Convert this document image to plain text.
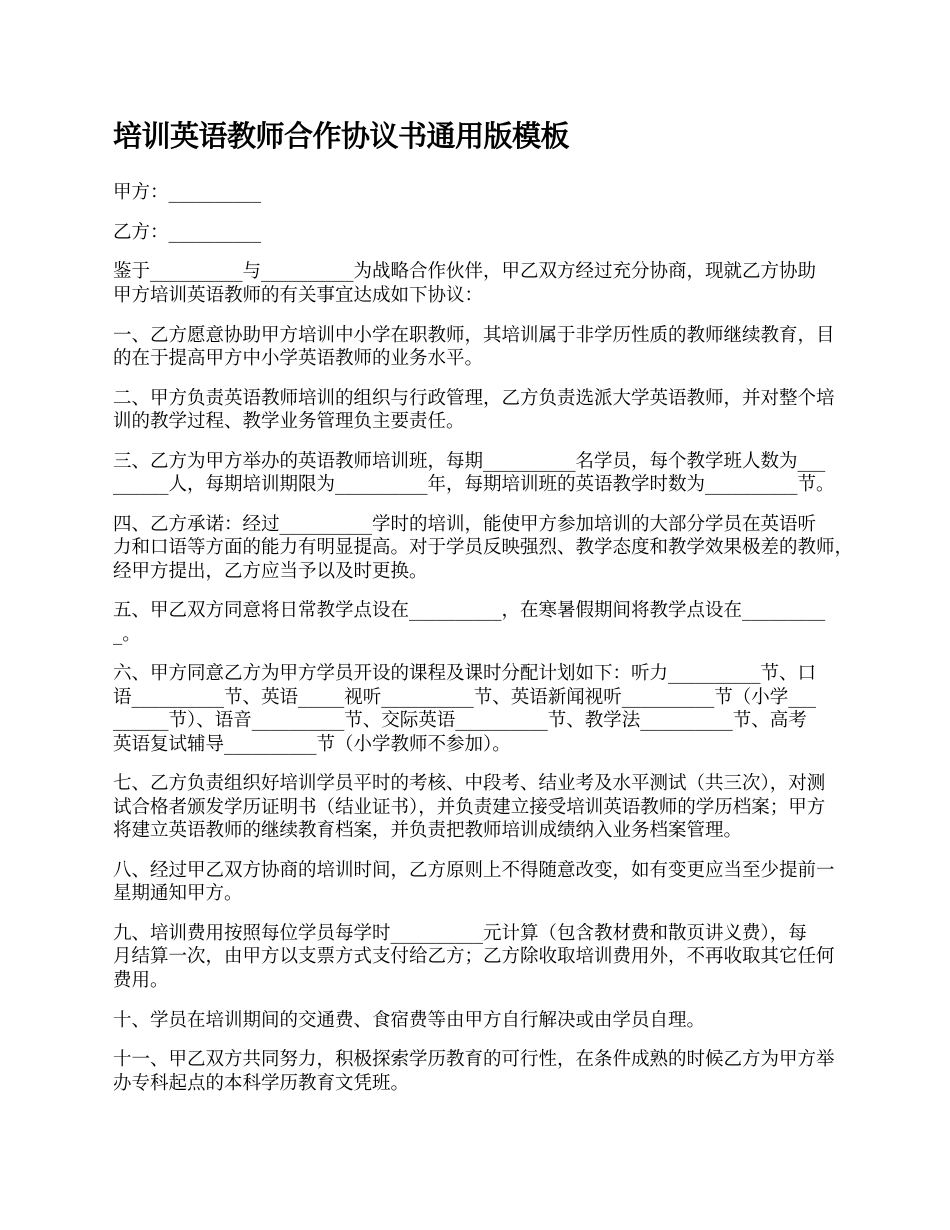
培训英语教师合作协议书通用版模板
甲方：__________
乙方：__________
鉴于__________与__________为战略合作伙伴，甲乙双方经过充分协商，现就乙方协助
甲方培训英语教师的有关事宜达成如下协议：
一、乙方愿意协助甲方培训中小学在职教师，其培训属于非学历性质的教师继续教育，目
的在于提高甲方中小学英语教师的业务水平。
二、甲方负责英语教师培训的组织与行政管理，乙方负责选派大学英语教师，并对整个培
训的教学过程、教学业务管理负主要责任。
三、乙方为甲方举办的英语教师培训班，每期__________名学员，每个教学班人数为___
______人，每期培训期限为__________年，每期培训班的英语教学时数为__________节。
四、乙方承诺：经过__________学时的培训，能使甲方参加培训的大部分学员在英语听
力和口语等方面的能力有明显提高。对于学员反映强烈、教学态度和教学效果极差的教师，
经甲方提出，乙方应当予以及时更换。
五、甲乙双方同意将日常教学点设在__________，在寒暑假期间将教学点设在_________
_。
六、甲方同意乙方为甲方学员开设的课程及课时分配计划如下：听力__________节、口
语__________节、英语_____视听__________节、英语新闻视听__________节（小学___
______节）、语音__________节、交际英语__________节、教学法__________节、高考
英语复试辅导__________节（小学教师不参加）。
七、乙方负责组织好培训学员平时的考核、中段考、结业考及水平测试（共三次），对测
试合格者颁发学历证明书（结业证书），并负责建立接受培训英语教师的学历档案；甲方
将建立英语教师的继续教育档案，并负责把教师培训成绩纳入业务档案管理。
八、经过甲乙双方协商的培训时间，乙方原则上不得随意改变，如有变更应当至少提前一
星期通知甲方。
九、培训费用按照每位学员每学时__________元计算（包含教材费和散页讲义费），每
月结算一次，由甲方以支票方式支付给乙方；乙方除收取培训费用外，不再收取其它任何
费用。
十、学员在培训期间的交通费、食宿费等由甲方自行解决或由学员自理。
十一、甲乙双方共同努力，积极探索学历教育的可行性，在条件成熟的时候乙方为甲方举
办专科起点的本科学历教育文凭班。
